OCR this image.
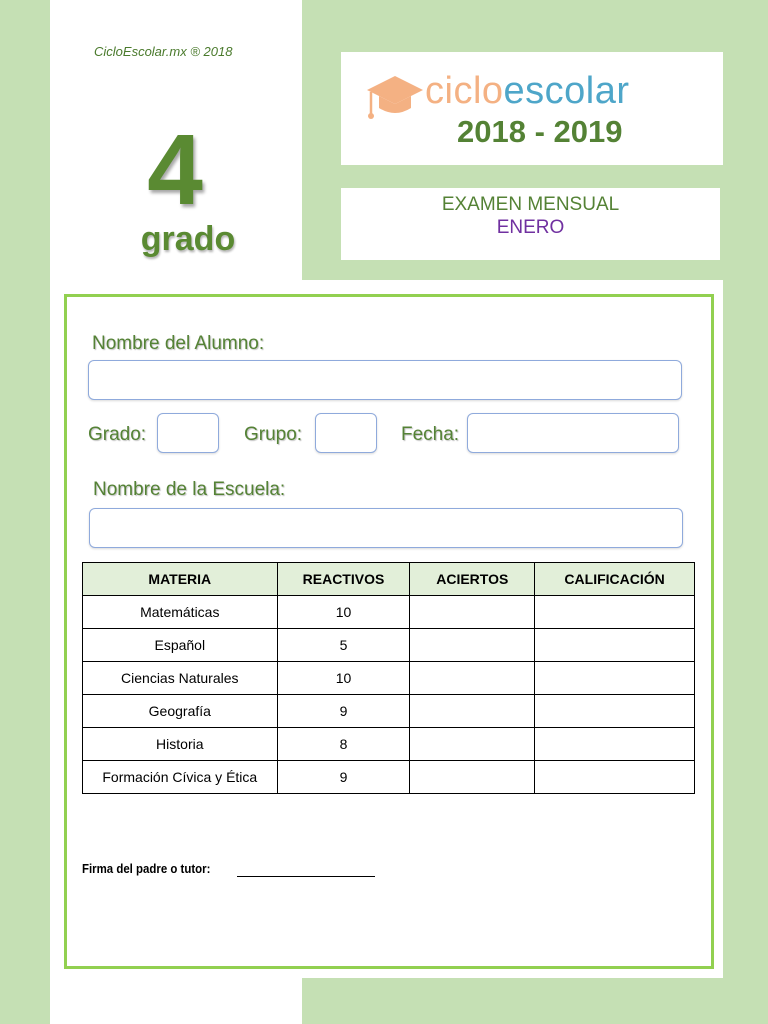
CicloEscolar.mx ® 2018
4
grado
cicloescolar
2018 - 2019
EXAMEN MENSUAL
ENERO
Nombre del Alumno:
Grado:	Grupo:	Fecha:
Nombre de la Escuela:
MATERIA	REACTIVOS	ACIERTOS	CALIFICACIÓN
Matemáticas	10		
Español	5		
Ciencias Naturales	10		
Geografía	9		
Historia	8		
Formación Cívica y Ética	9		
Firma del padre o tutor:
